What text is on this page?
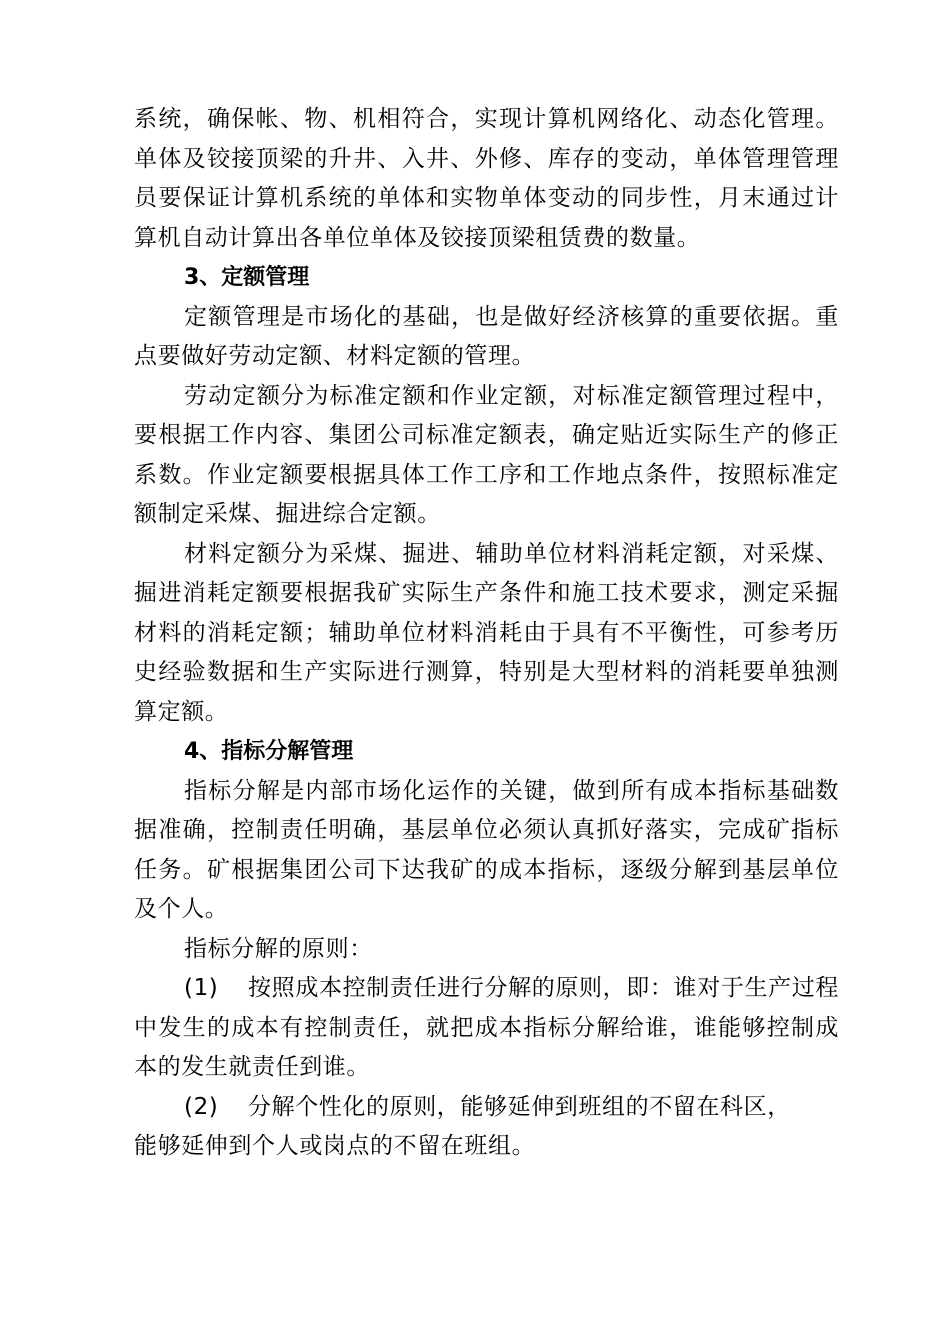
系统，确保帐、物、机相符合，实现计算机网络化、动态化管理。单体及铰接顶梁的升井、入井、外修、库存的变动，单体管理管理员要保证计算机系统的单体和实物单体变动的同步性，月末通过计算机自动计算出各单位单体及铰接顶梁租赁费的数量。

3、定额管理

定额管理是市场化的基础，也是做好经济核算的重要依据。重点要做好劳动定额、材料定额的管理。

劳动定额分为标准定额和作业定额，对标准定额管理过程中，要根据工作内容、集团公司标准定额表，确定贴近实际生产的修正系数。作业定额要根据具体工作工序和工作地点条件，按照标准定额制定采煤、掘进综合定额。

材料定额分为采煤、掘进、辅助单位材料消耗定额，对采煤、掘进消耗定额要根据我矿实际生产条件和施工技术要求，测定采掘材料的消耗定额；辅助单位材料消耗由于具有不平衡性，可参考历史经验数据和生产实际进行测算，特别是大型材料的消耗要单独测算定额。

4、指标分解管理

指标分解是内部市场化运作的关键，做到所有成本指标基础数据准确，控制责任明确，基层单位必须认真抓好落实，完成矿指标任务。矿根据集团公司下达我矿的成本指标，逐级分解到基层单位及个人。

指标分解的原则：

(1) 按照成本控制责任进行分解的原则，即：谁对于生产过程中发生的成本有控制责任，就把成本指标分解给谁，谁能够控制成本的发生就责任到谁。

(2) 分解个性化的原则，能够延伸到班组的不留在科区，
能够延伸到个人或岗点的不留在班组。
